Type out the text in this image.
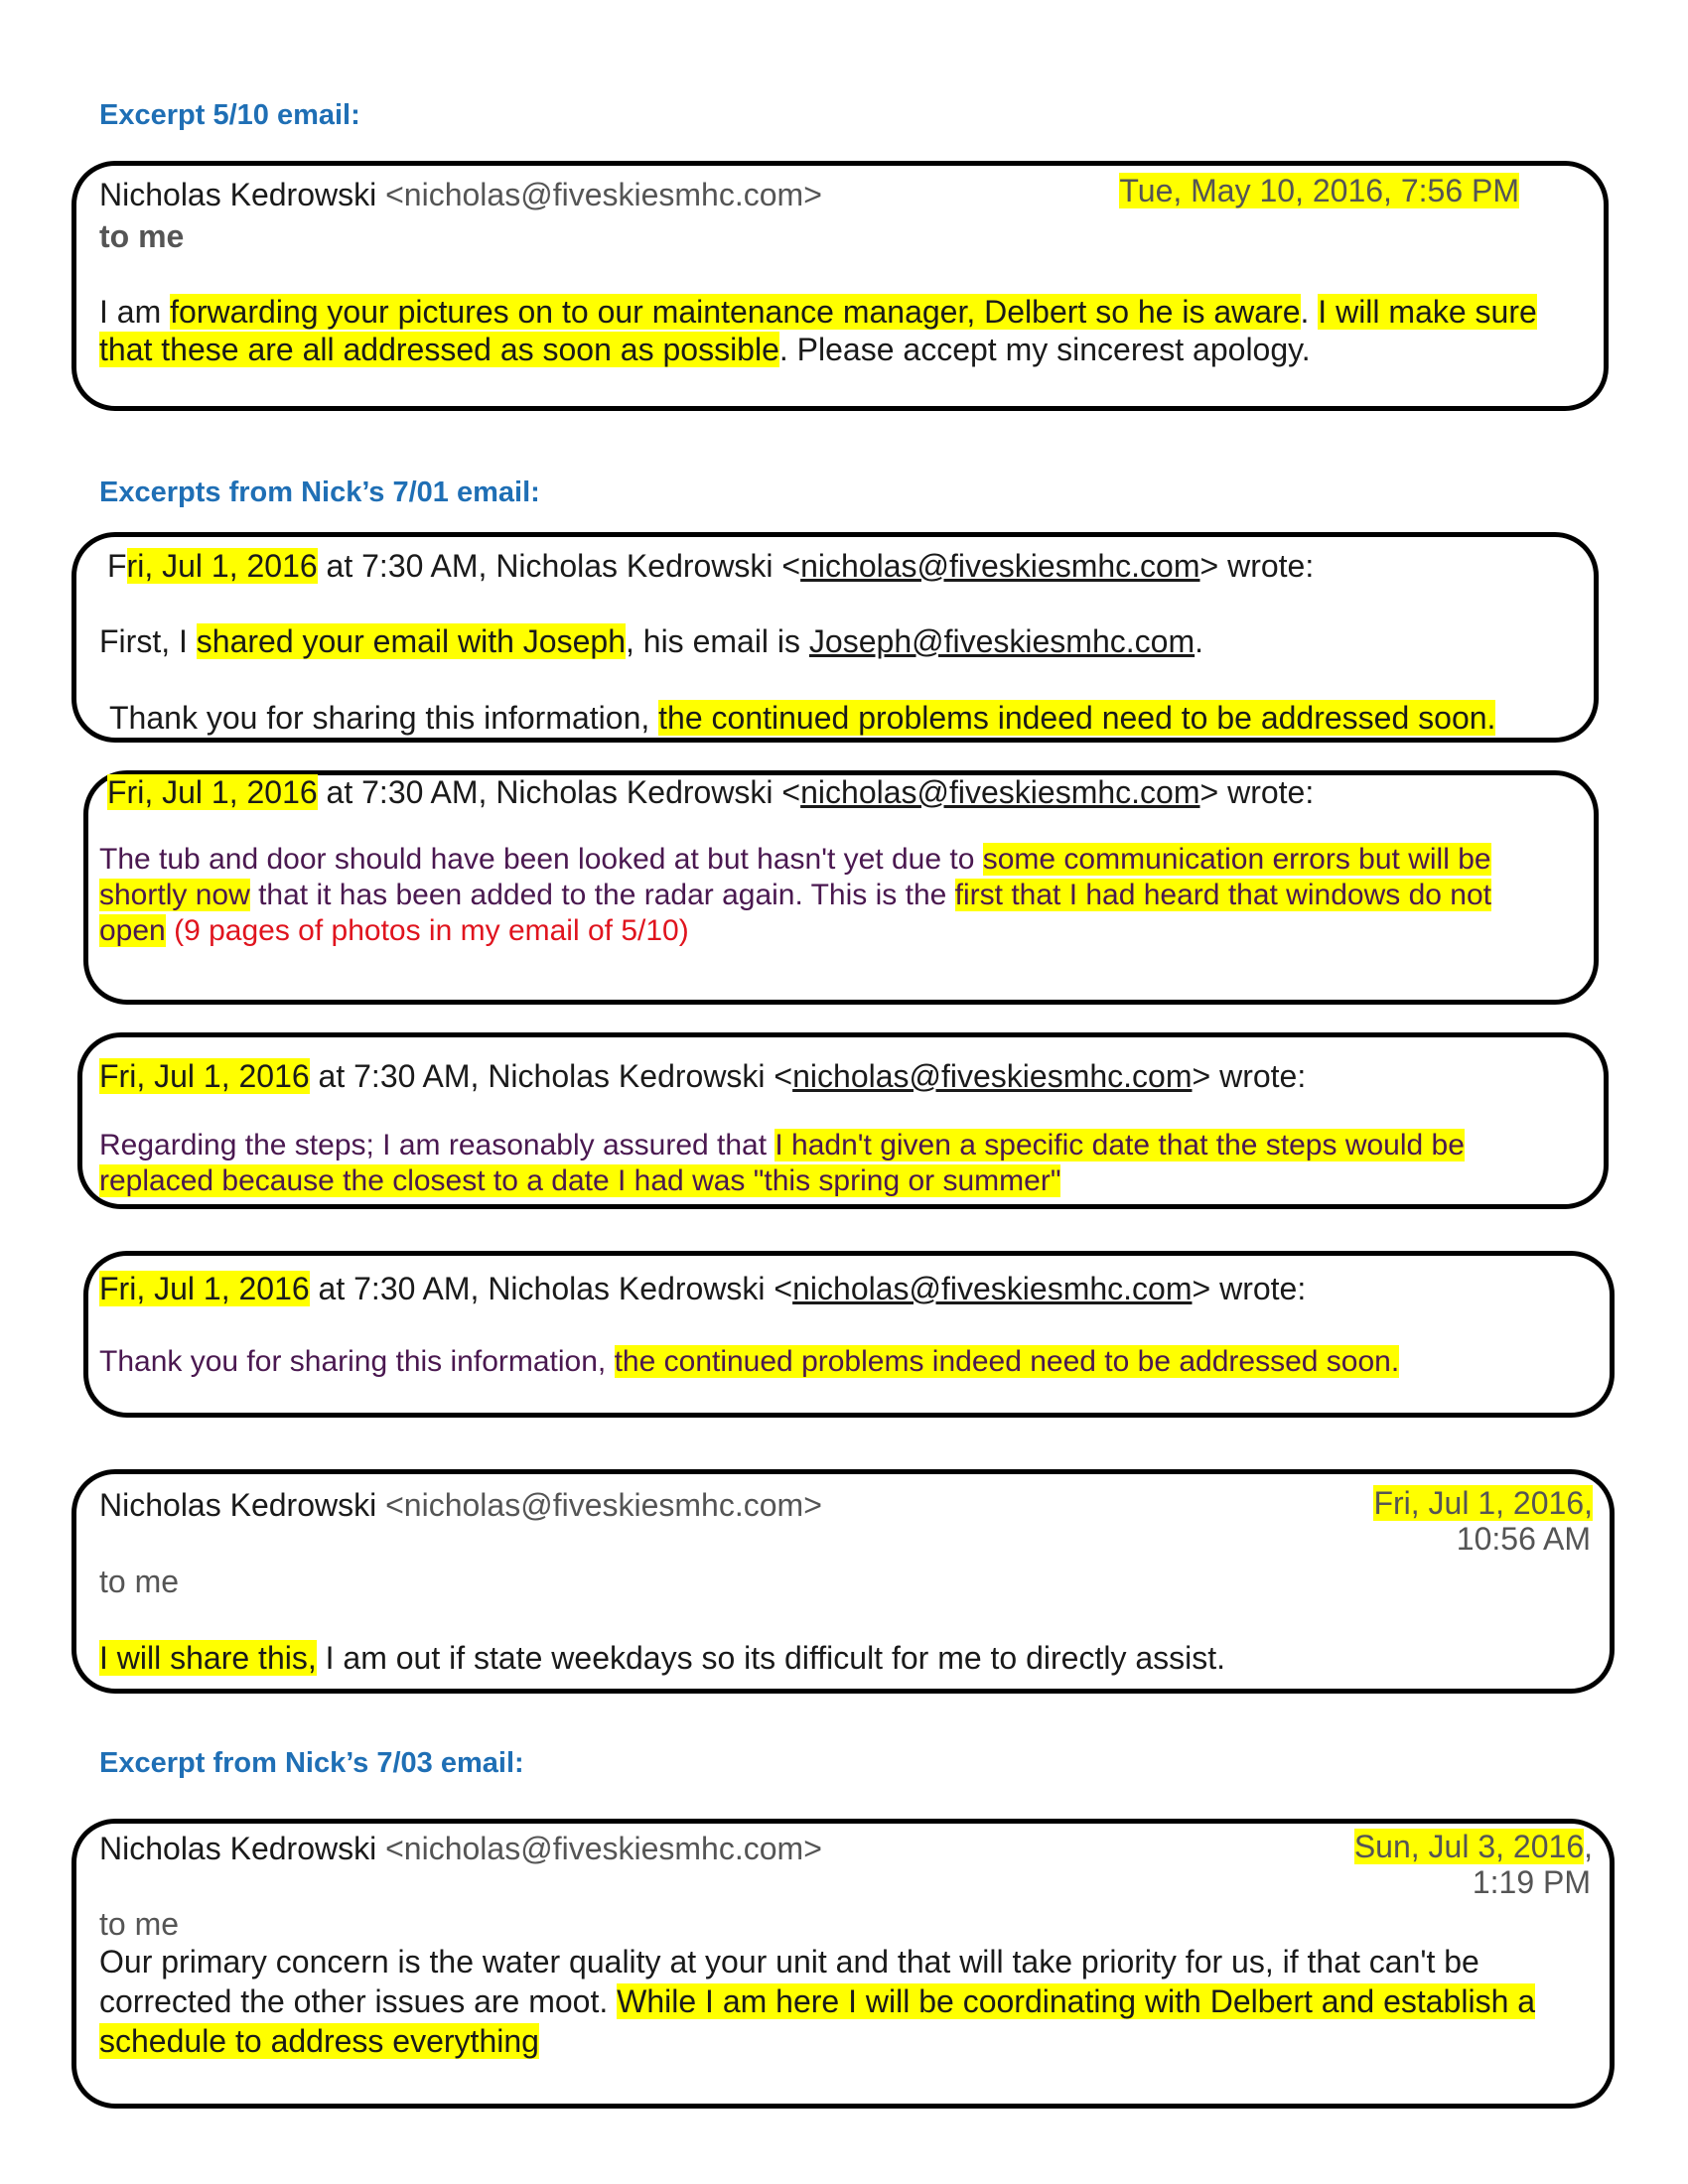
Excerpt 5/10 email:
Nicholas Kedrowski <nicholas@fiveskiesmhc.com>	Tue, May 10, 2016, 7:56 PM
to me
I am forwarding your pictures on to our maintenance manager, Delbert so he is aware. I will make sure that these are all addressed as soon as possible. Please accept my sincerest apology.
Excerpts from Nick’s 7/01 email:
Fri, Jul 1, 2016 at 7:30 AM, Nicholas Kedrowski <nicholas@fiveskiesmhc.com> wrote:
First, I shared your email with Joseph, his email is Joseph@fiveskiesmhc.com.
Thank you for sharing this information, the continued problems indeed need to be addressed soon.
Fri, Jul 1, 2016 at 7:30 AM, Nicholas Kedrowski <nicholas@fiveskiesmhc.com> wrote:
The tub and door should have been looked at but hasn't yet due to some communication errors but will be shortly now that it has been added to the radar again. This is the first that I had heard that windows do not open (9 pages of photos in my email of 5/10)
Fri, Jul 1, 2016 at 7:30 AM, Nicholas Kedrowski <nicholas@fiveskiesmhc.com> wrote:
Regarding the steps; I am reasonably assured that I hadn't given a specific date that the steps would be replaced because the closest to a date I had was "this spring or summer"
Fri, Jul 1, 2016 at 7:30 AM, Nicholas Kedrowski <nicholas@fiveskiesmhc.com> wrote:
Thank you for sharing this information, the continued problems indeed need to be addressed soon.
Nicholas Kedrowski <nicholas@fiveskiesmhc.com>	Fri, Jul 1, 2016,
10:56 AM
to me
I will share this, I am out if state weekdays so its difficult for me to directly assist.
Excerpt from Nick’s 7/03 email:
Nicholas Kedrowski <nicholas@fiveskiesmhc.com>	Sun, Jul 3, 2016,
1:19 PM
to me
Our primary concern is the water quality at your unit and that will take priority for us, if that can't be corrected the other issues are moot. While I am here I will be coordinating with Delbert and establish a schedule to address everything
